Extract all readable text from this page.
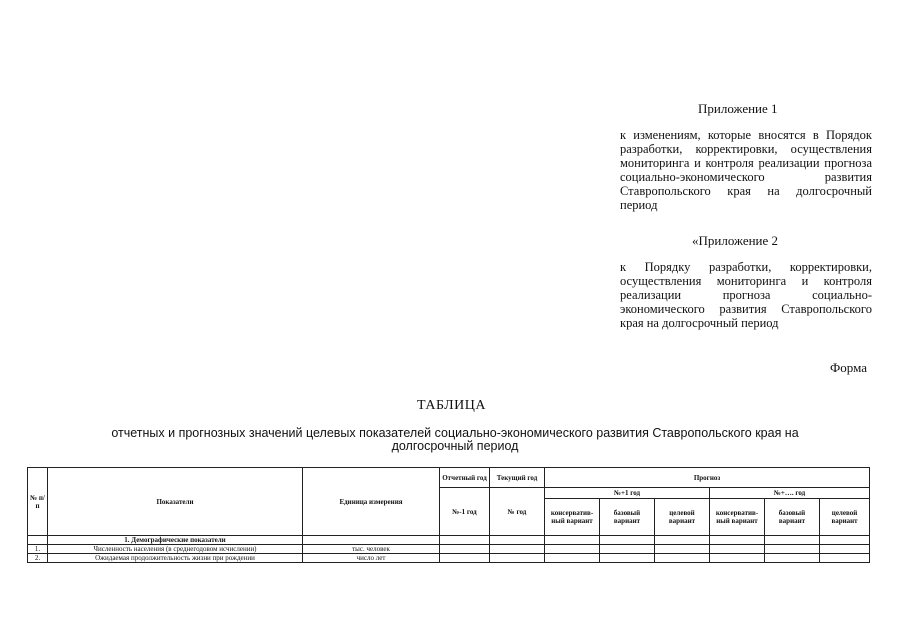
Приложение 1
к изменениям, которые вносятся в Порядок разработки, корректировки, осуществления мониторинга и контроля реализации прогноза социально-экономического развития Ставропольского края на долгосрочный период
«Приложение 2
к Порядку разработки, корректировки, осуществления мониторинга и контроля реализации прогноза социально-экономического развития Ставропольского края на долгосрочный период
Форма
ТАБЛИЦА
отчетных и прогнозных значений целевых показателей социально-экономического развития Ставропольского края на долгосрочный период
№ п/п	Показатели	Единица измерения	Отчетный год	Текущий год	Прогноз					
			№-1 год	№ год	№+1 год			№+…. год		
					консерватив-ный вариант	базовый вариант	целевой вариант	консерватив-ный вариант	базовый вариант	целевой вариант
	1. Демографические показатели									
1.	Численность населения (в среднегодовом исчислении)	тыс. человек								
2.	Ожидаемая продолжительность жизни при рождении	число лет								
